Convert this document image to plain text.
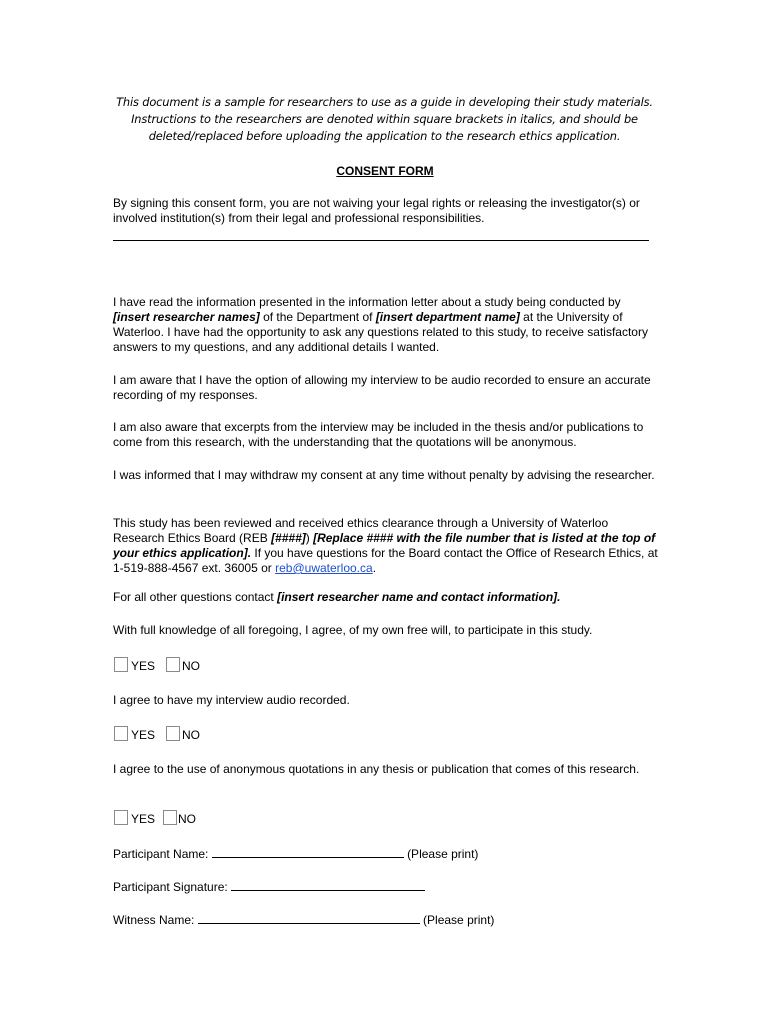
This document is a sample for researchers to use as a guide in developing their study materials.
Instructions to the researchers are denoted within square brackets in italics, and should be
deleted/replaced before uploading the application to the research ethics application.
CONSENT FORM
By signing this consent form, you are not waiving your legal rights or releasing the investigator(s) or involved institution(s) from their legal and professional responsibilities.
I have read the information presented in the information letter about a study being conducted by [insert researcher names] of the Department of [insert department name] at the University of Waterloo. I have had the opportunity to ask any questions related to this study, to receive satisfactory answers to my questions, and any additional details I wanted.
I am aware that I have the option of allowing my interview to be audio recorded to ensure an accurate recording of my responses.
I am also aware that excerpts from the interview may be included in the thesis and/or publications to come from this research, with the understanding that the quotations will be anonymous.
I was informed that I may withdraw my consent at any time without penalty by advising the researcher.
This study has been reviewed and received ethics clearance through a University of Waterloo Research Ethics Board (REB [####]) [Replace #### with the file number that is listed at the top of your ethics application]. If you have questions for the Board contact the Office of Research Ethics, at 1-519-888-4567 ext. 36005 or reb@uwaterloo.ca.
For all other questions contact [insert researcher name and contact information].
With full knowledge of all foregoing, I agree, of my own free will, to participate in this study.
YES NO
I agree to have my interview audio recorded.
YES NO
I agree to the use of anonymous quotations in any thesis or publication that comes of this research.
YES NO
Participant Name:	(Please print)
Participant Signature:
Witness Name:	(Please print)
